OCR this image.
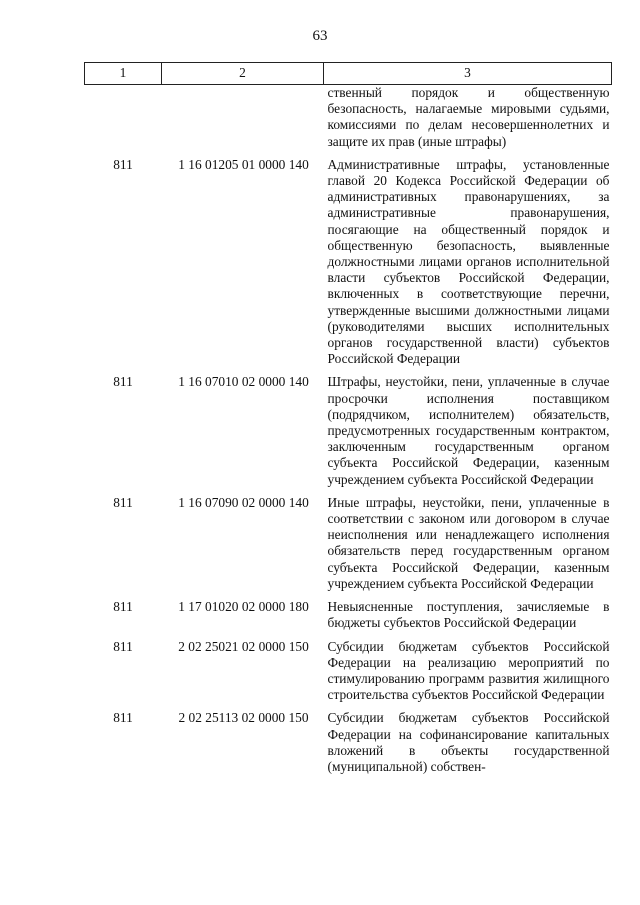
63
1	2	3
		ственный порядок и общественную безопасность, налагаемые мировыми судьями, комиссиями по делам несовершеннолетних и защите их прав (иные штрафы)
811	1 16 01205 01 0000 140	Административные штрафы, установленные главой 20 Кодекса Российской Федерации об административных правонарушениях, за административные правонарушения, посягающие на общественный порядок и общественную безопасность, выявленные должностными лицами органов исполнительной власти субъектов Российской Федерации, включенных в соответствующие перечни, утвержденные высшими должностными лицами (руководителями высших исполнительных органов государственной власти) субъектов Российской Федерации
811	1 16 07010 02 0000 140	Штрафы, неустойки, пени, уплаченные в случае просрочки исполнения поставщиком (подрядчиком, исполнителем) обязательств, предусмотренных государственным контрактом, заключенным государственным органом субъекта Российской Федерации, казенным учреждением субъекта Российской Федерации
811	1 16 07090 02 0000 140	Иные штрафы, неустойки, пени, уплаченные в соответствии с законом или договором в случае неисполнения или ненадлежащего исполнения обязательств перед государственным органом субъекта Российской Федерации, казенным учреждением субъекта Российской Федерации
811	1 17 01020 02 0000 180	Невыясненные поступления, зачисляемые в бюджеты субъектов Российской Федерации
811	2 02 25021 02 0000 150	Субсидии бюджетам субъектов Российской Федерации на реализацию мероприятий по стимулированию программ развития жилищного строительства субъектов Российской Федерации
811	2 02 25113 02 0000 150	Субсидии бюджетам субъектов Российской Федерации на софинансирование капитальных вложений в объекты государственной (муниципальной) собствен-
